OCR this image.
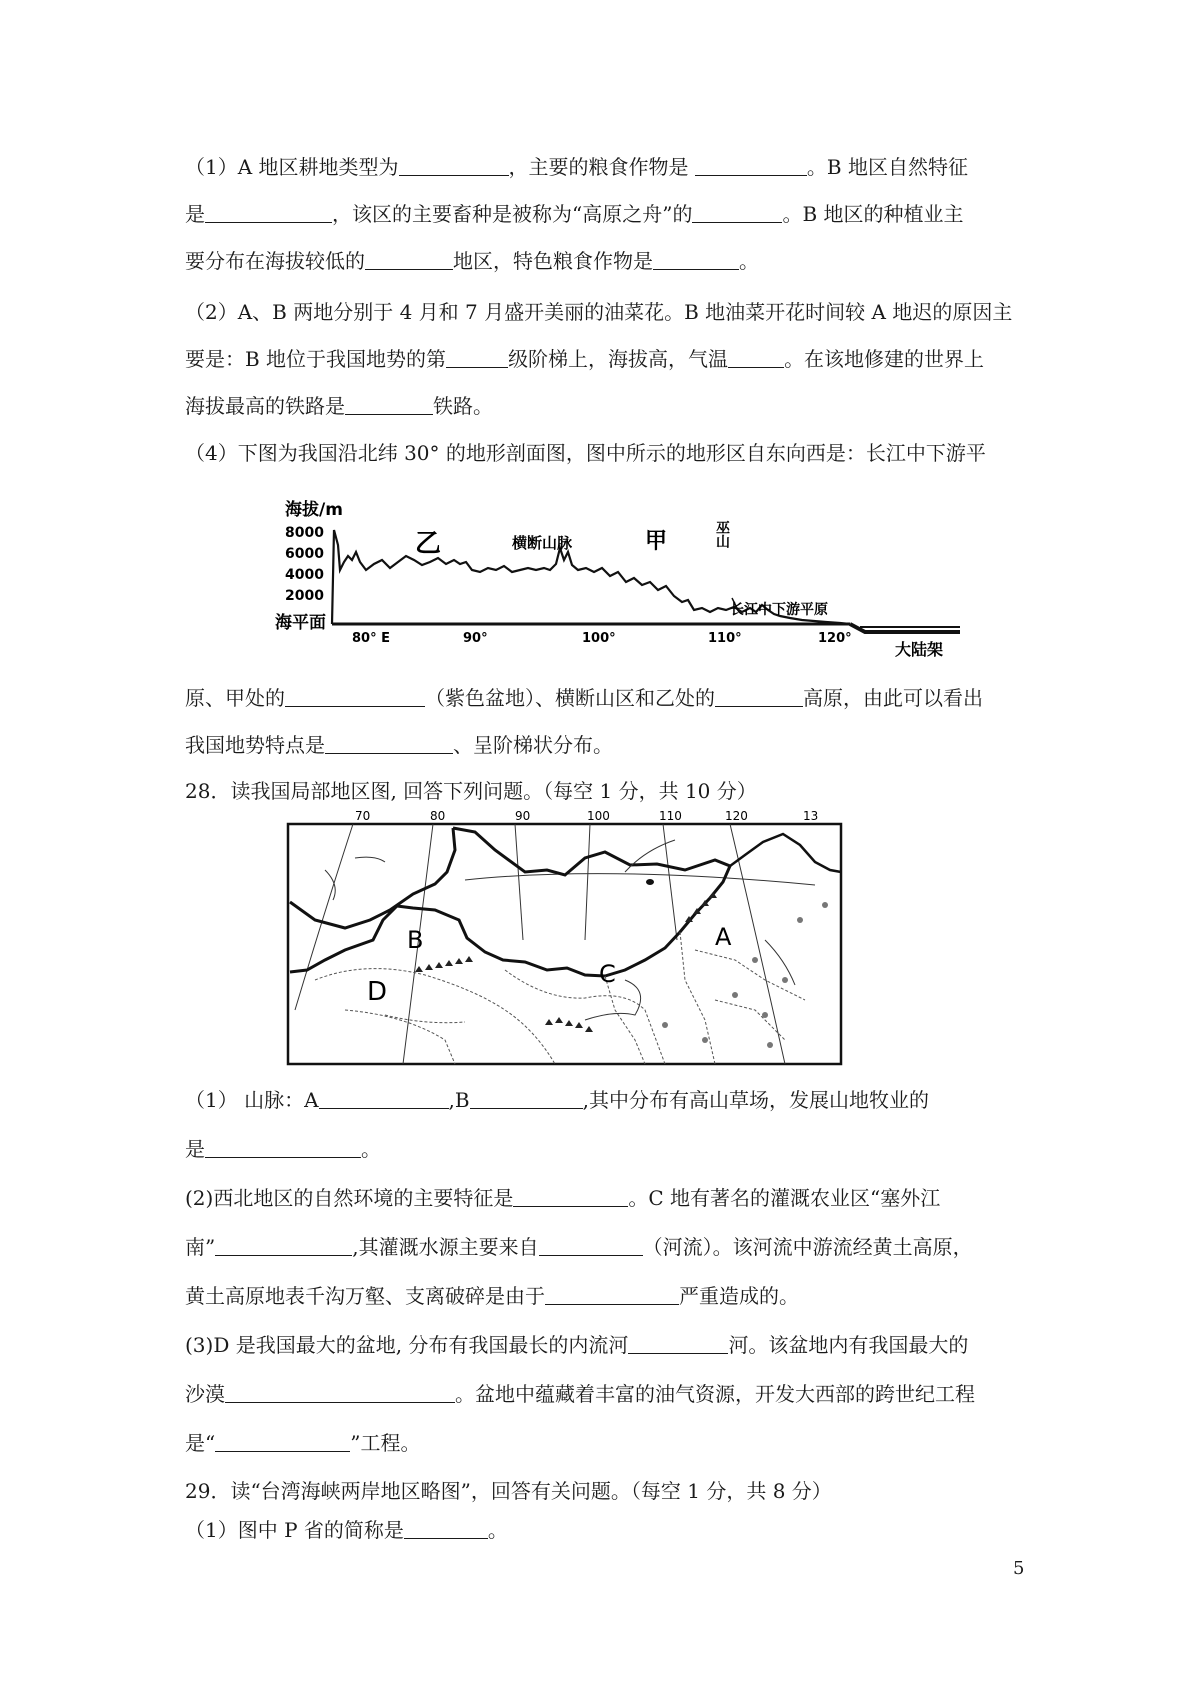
（1）A 地区耕地类型为	，主要的粮食作物是	。B 地区自然特征
是	，该区的主要畜种是被称为“高原之舟”的	。B 地区的种植业主
要分布在海拔较低的	地区，特色粮食作物是	。
（2）A、B 两地分别于 4 月和 7 月盛开美丽的油菜花。B 地油菜开花时间较 A 地迟的原因主
要是：B 地位于我国地势的第	级阶梯上，海拔高，气温	。在该地修建的世界上
海拔最高的铁路是	铁路。
（4）下图为我国沿北纬 30° 的地形剖面图，图中所示的地形区自东向西是：长江中下游平
海拔/m
8000
6000
4000
2000
海平面
乙	横断山脉	甲	巫山
长江中下游平原
80° E	90°	100°	110°	120°
大陆架
原、甲处的	（紫色盆地）、横断山区和乙处的	高原，由此可以看出
我国地势特点是	、呈阶梯状分布。
28．读我国局部地区图, 回答下列问题。（每空 1 分，共 10 分）
70	80	90	100	110	120	13
A
B
C
D
（1） 山脉：A	,B	,其中分布有高山草场，发展山地牧业的
是	。
(2)西北地区的自然环境的主要特征是	。C 地有著名的灌溉农业区“塞外江
南”	,其灌溉水源主要来自	（河流）。该河流中游流经黄土高原，
黄土高原地表千沟万壑、支离破碎是由于	严重造成的。
(3)D 是我国最大的盆地, 分布有我国最长的内流河	河。该盆地内有我国最大的
沙漠	。盆地中蕴藏着丰富的油气资源，开发大西部的跨世纪工程
是“	”工程。
29．读“台湾海峡两岸地区略图”，回答有关问题。（每空 1 分，共 8 分）
（1）图中 P 省的简称是	。
5
